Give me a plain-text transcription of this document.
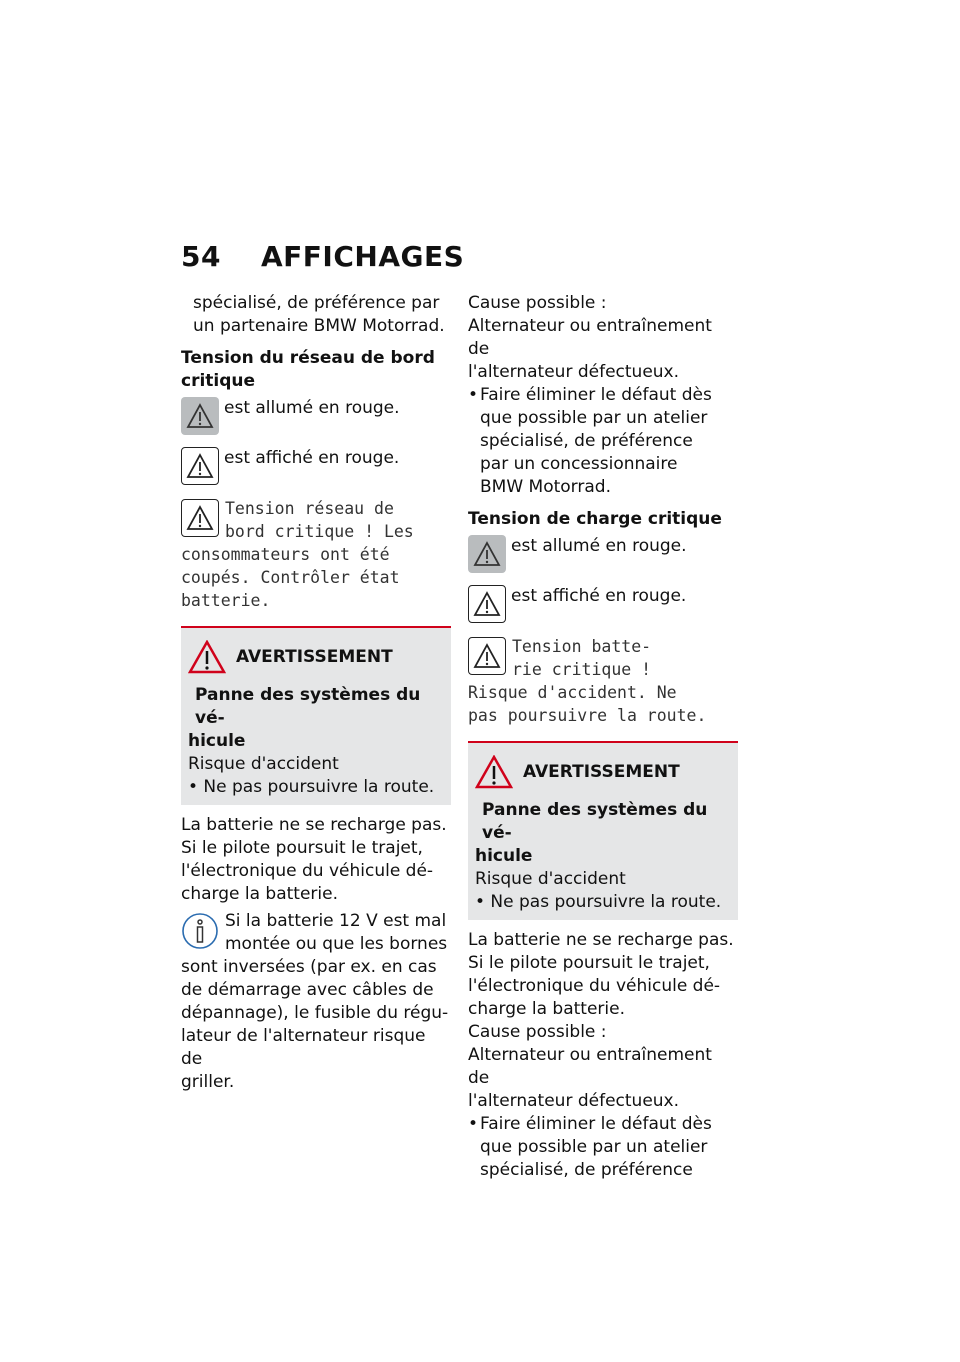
54 AFFICHAGES

spécialisé, de préférence par

un partenaire BMW Motorrad.

Tension du réseau de bord

critique

est allumé en rouge.
est affiché en rouge.
Tension réseau de
bord critique ! Les
consommateurs ont été
coupés. Contrôler état
batterie.
AVERTISSEMENT

Panne des systèmes du vé-

hicule

Risque d'accident

• Ne pas poursuivre la route.

La batterie ne se recharge pas.

Si le pilote poursuit le trajet,

l'électronique du véhicule dé-

charge la batterie.

Si la batterie 12 V est mal

montée ou que les bornes

sont inversées (par ex. en cas

de démarrage avec câbles de

dépannage), le fusible du régu-

lateur de l'alternateur risque de

griller.

Cause possible :

Alternateur ou entraînement de

l'alternateur défectueux.

• Faire éliminer le défaut dès

que possible par un atelier

spécialisé, de préférence

par un concessionnaire

BMW Motorrad.

Tension de charge critique

est allumé en rouge.
est affiché en rouge.
Tension batte-
rie critique !
Risque d'accident. Ne
pas poursuivre la route.
AVERTISSEMENT

Panne des systèmes du vé-

hicule

Risque d'accident

• Ne pas poursuivre la route.

La batterie ne se recharge pas.

Si le pilote poursuit le trajet,

l'électronique du véhicule dé-

charge la batterie.

Cause possible :

Alternateur ou entraînement de

l'alternateur défectueux.

• Faire éliminer le défaut dès

que possible par un atelier

spécialisé, de préférence
